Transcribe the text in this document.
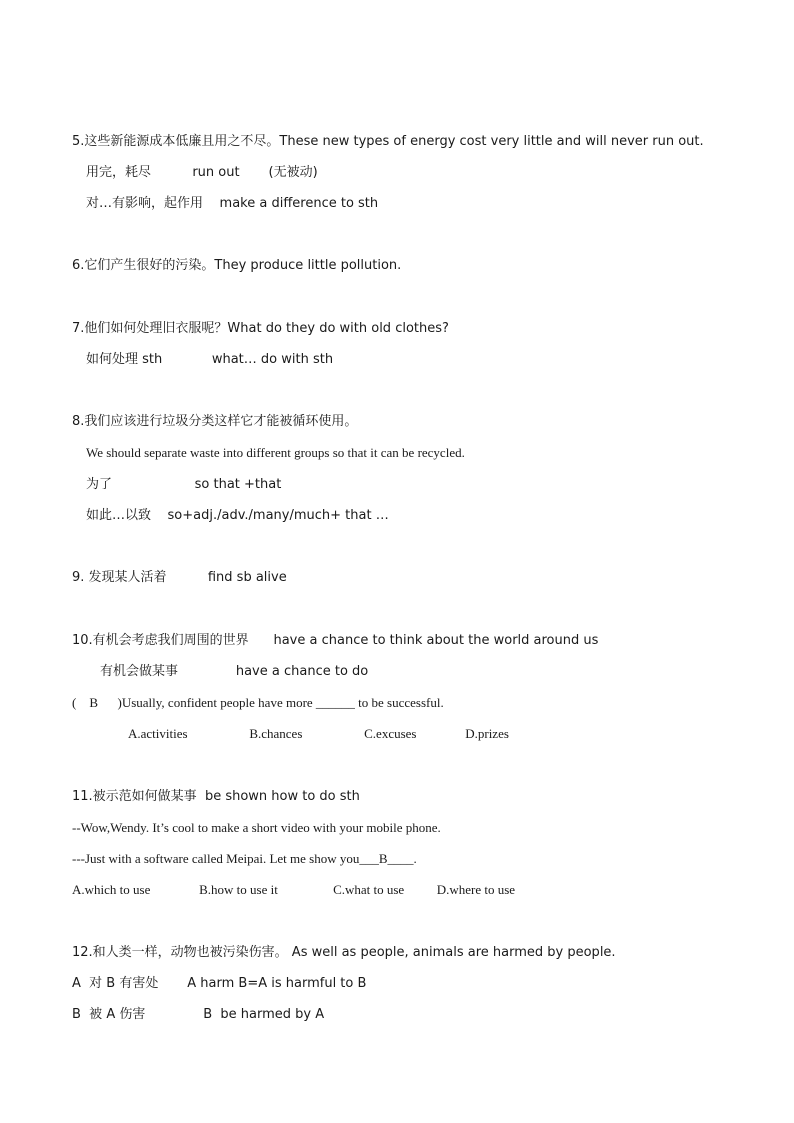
5.这些新能源成本低廉且用之不尽。These new types of energy cost very little and will never run out.
用完，耗尽          run out       (无被动)
对…有影响，起作用    make a difference to sth
6.它们产生很好的污染。They produce little pollution.
7.他们如何处理旧衣服呢？What do they do with old clothes?
如何处理 sth            what… do with sth
8.我们应该进行垃圾分类这样它才能被循环使用。
We should separate waste into different groups so that it can be recycled.
为了                    so that +that
如此…以致    so+adj./adv./many/much+ that …
9. 发现某人活着          find sb alive
10.有机会考虑我们周围的世界      have a chance to think about the world around us
有机会做某事              have a chance to do
(    B      )Usually, confident people have more ______ to be successful.
A.activities                   B.chances                   C.excuses               D.prizes
11.被示范如何做某事  be shown how to do sth
--Wow,Wendy. It’s cool to make a short video with your mobile phone.
---Just with a software called Meipai. Let me show you___B____.
A.which to use               B.how to use it                 C.what to use          D.where to use
12.和人类一样，动物也被污染伤害。 As well as people, animals are harmed by people.
A  对 B 有害处       A harm B=A is harmful to B
B  被 A 伤害              B  be harmed by A
